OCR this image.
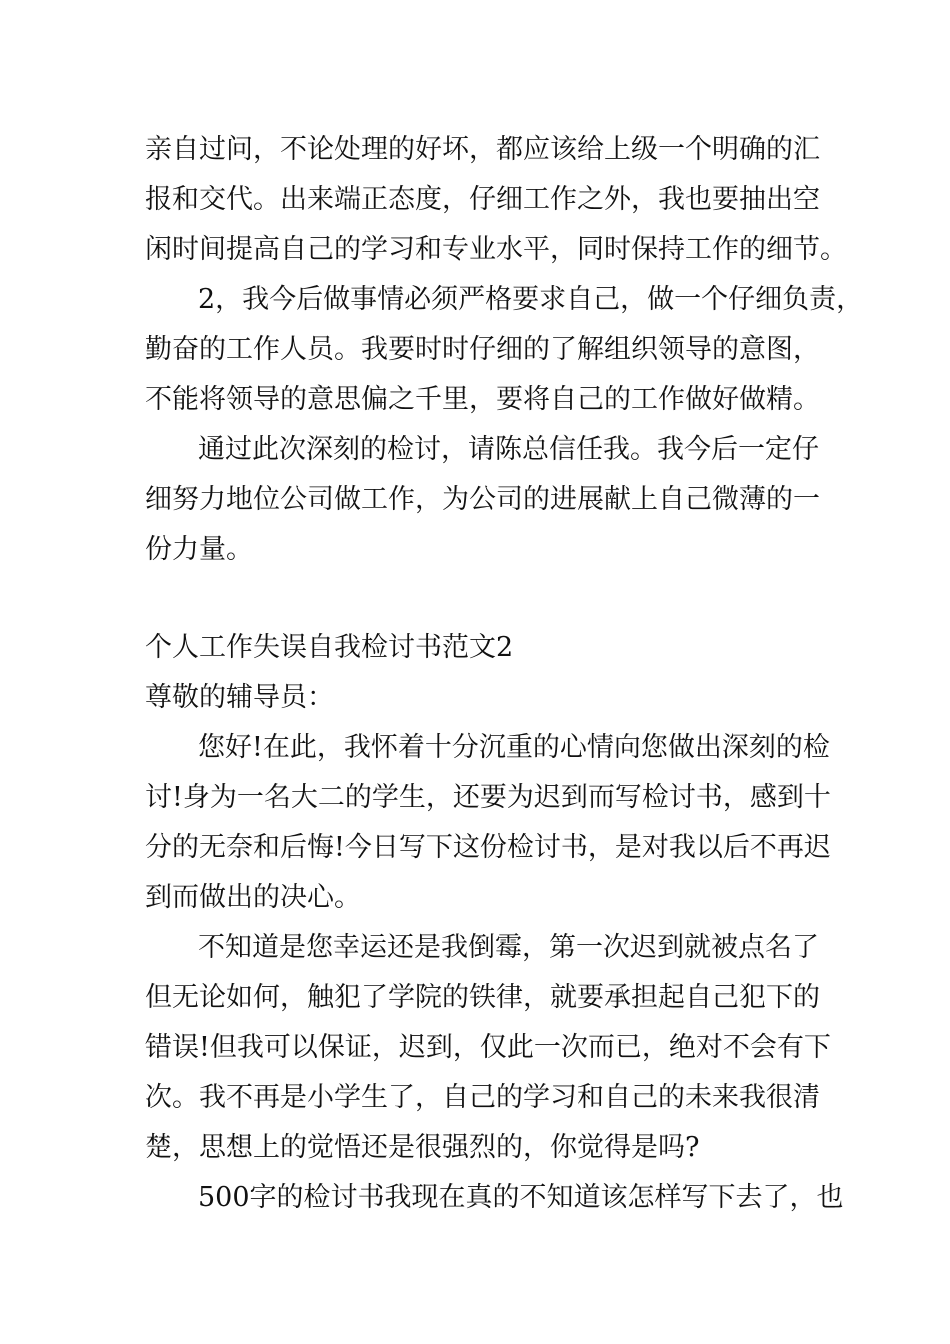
亲自过问，不论处理的好坏，都应该给上级一个明确的汇
报和交代。出来端正态度，仔细工作之外，我也要抽出空
闲时间提高自己的学习和专业水平，同时保持工作的细节。
2，我今后做事情必须严格要求自己，做一个仔细负责，
勤奋的工作人员。我要时时仔细的了解组织领导的意图，
不能将领导的意思偏之千里，要将自己的工作做好做精。
通过此次深刻的检讨，请陈总信任我。我今后一定仔
细努力地位公司做工作，为公司的进展献上自己微薄的一
份力量。
个人工作失误自我检讨书范文2
尊敬的辅导员：
您好!在此，我怀着十分沉重的心情向您做出深刻的检
讨!身为一名大二的学生，还要为迟到而写检讨书，感到十
分的无奈和后悔!今日写下这份检讨书，是对我以后不再迟
到而做出的决心。
不知道是您幸运还是我倒霉，第一次迟到就被点名了
但无论如何，触犯了学院的铁律，就要承担起自己犯下的
错误!但我可以保证，迟到，仅此一次而已，绝对不会有下
次。我不再是小学生了，自己的学习和自己的未来我很清
楚，思想上的觉悟还是很强烈的，你觉得是吗?
500字的检讨书我现在真的不知道该怎样写下去了，也
